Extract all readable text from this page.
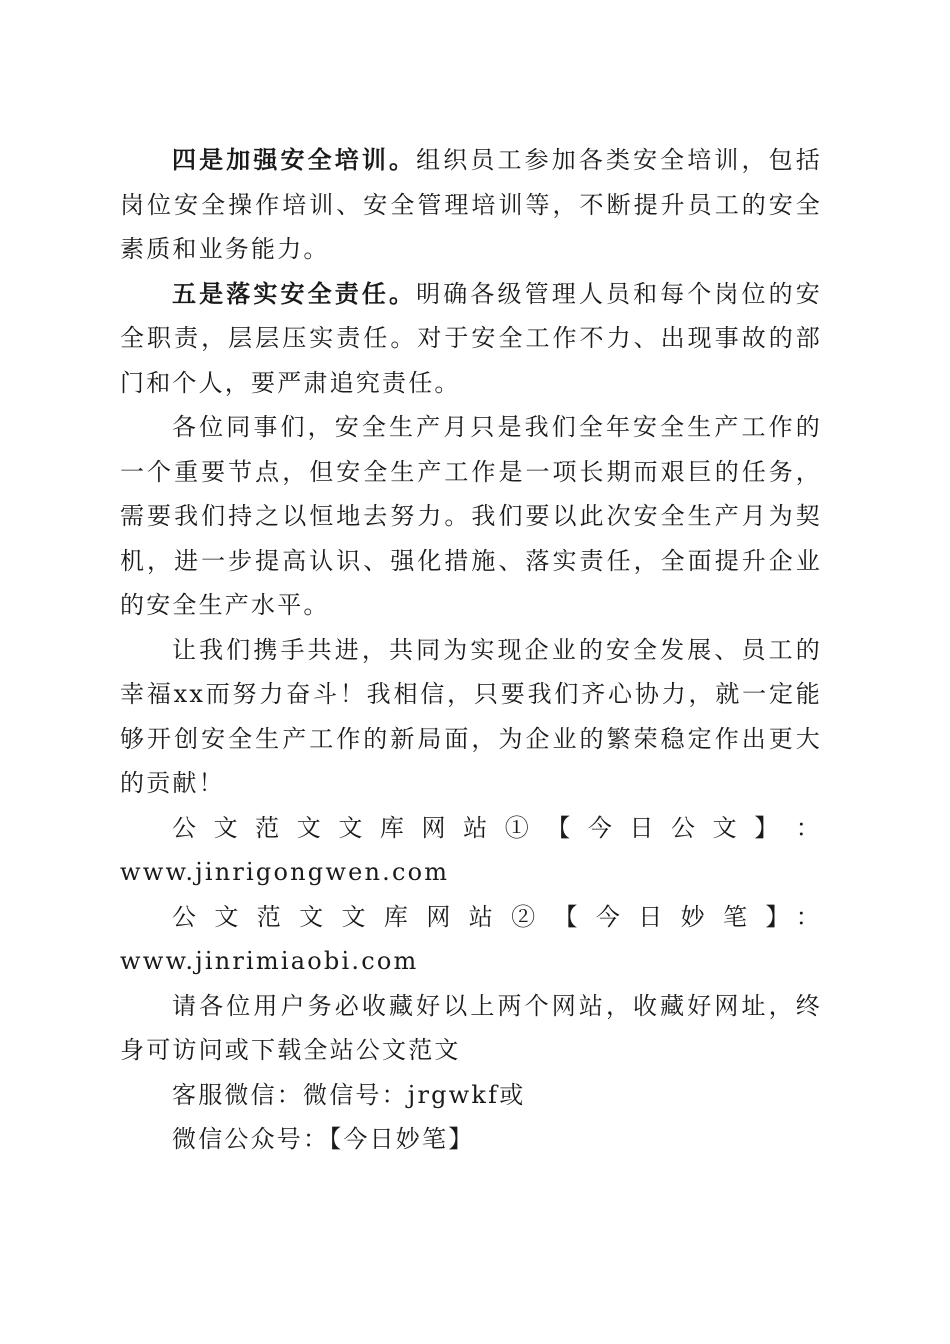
四是加强安全培训。组织员工参加各类安全培训，包括岗位安全操作培训、安全管理培训等，不断提升员工的安全素质和业务能力。

五是落实安全责任。明确各级管理人员和每个岗位的安全职责，层层压实责任。对于安全工作不力、出现事故的部门和个人，要严肃追究责任。

各位同事们，安全生产月只是我们全年安全生产工作的一个重要节点，但安全生产工作是一项长期而艰巨的任务，需要我们持之以恒地去努力。我们要以此次安全生产月为契机，进一步提高认识、强化措施、落实责任，全面提升企业的安全生产水平。

让我们携手共进，共同为实现企业的安全发展、员工的幸福xx而努力奋斗！我相信，只要我们齐心协力，就一定能够开创安全生产工作的新局面，为企业的繁荣稳定作出更大的贡献！

公 文 范 文 文 库 网 站 ① 【 今 日 公 文 】 ：

www.jinrigongwen.com

公文范文文库网站②【今日妙笔】：www.jinrimiaobi.com

请各位用户务必收藏好以上两个网站，收藏好网址，终身可访问或下载全站公文范文

客服微信：微信号：jrgwkf或

微信公众号：【今日妙笔】
